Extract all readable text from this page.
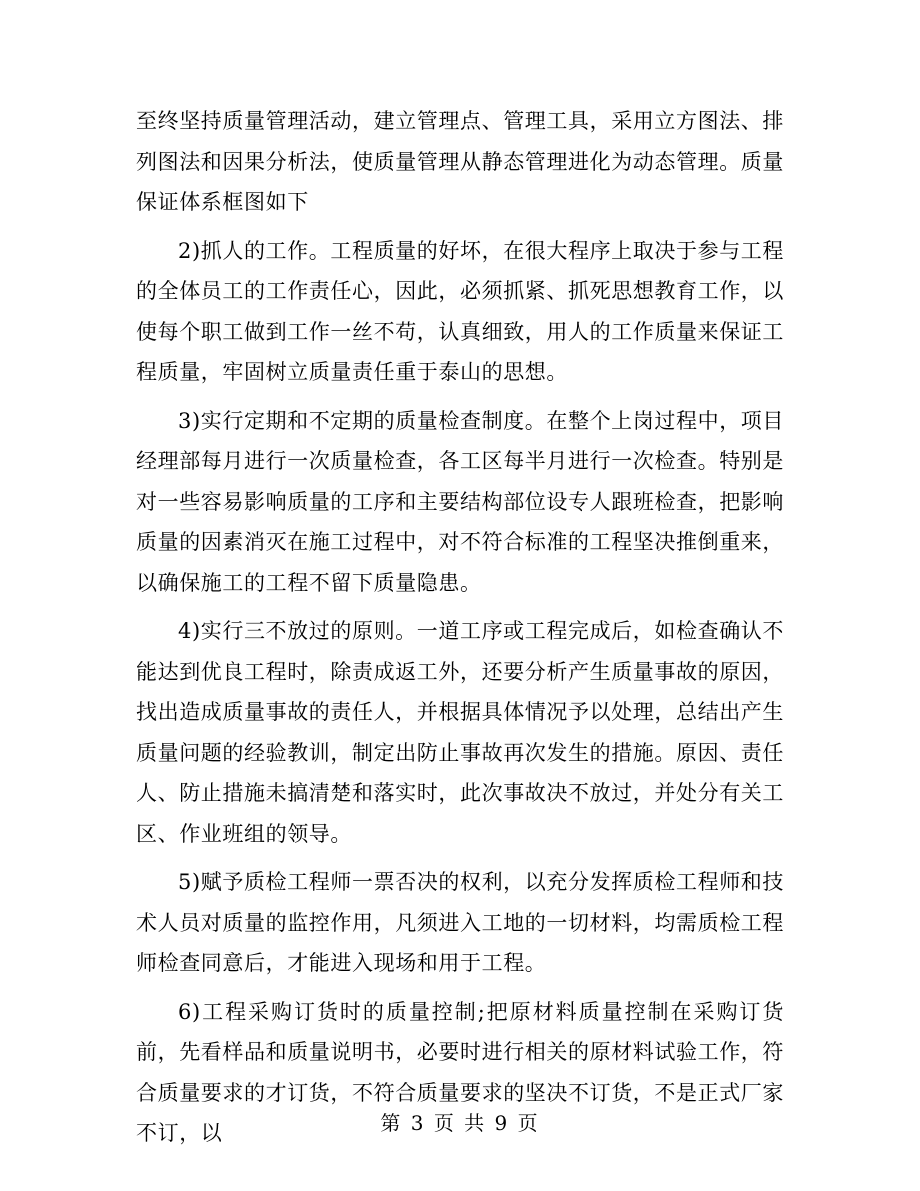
至终坚持质量管理活动，建立管理点、管理工具，采用立方图法、排列图法和因果分析法，使质量管理从静态管理进化为动态管理。质量保证体系框图如下

2)抓人的工作。工程质量的好坏，在很大程序上取决于参与工程的全体员工的工作责任心，因此，必须抓紧、抓死思想教育工作，以使每个职工做到工作一丝不苟，认真细致，用人的工作质量来保证工程质量，牢固树立质量责任重于泰山的思想。

3)实行定期和不定期的质量检查制度。在整个上岗过程中，项目经理部每月进行一次质量检查，各工区每半月进行一次检查。特别是对一些容易影响质量的工序和主要结构部位设专人跟班检查，把影响质量的因素消灭在施工过程中，对不符合标准的工程坚决推倒重来，以确保施工的工程不留下质量隐患。

4)实行三不放过的原则。一道工序或工程完成后，如检查确认不能达到优良工程时，除责成返工外，还要分析产生质量事故的原因，找出造成质量事故的责任人，并根据具体情况予以处理，总结出产生质量问题的经验教训，制定出防止事故再次发生的措施。原因、责任人、防止措施未搞清楚和落实时，此次事故决不放过，并处分有关工区、作业班组的领导。

5)赋予质检工程师一票否决的权利，以充分发挥质检工程师和技术人员对质量的监控作用，凡须进入工地的一切材料，均需质检工程师检查同意后，才能进入现场和用于工程。

6)工程采购订货时的质量控制;把原材料质量控制在采购订货前，先看样品和质量说明书，必要时进行相关的原材料试验工作，符合质量要求的才订货，不符合质量要求的坚决不订货，不是正式厂家不订，以	第 3 页 共 9 页
